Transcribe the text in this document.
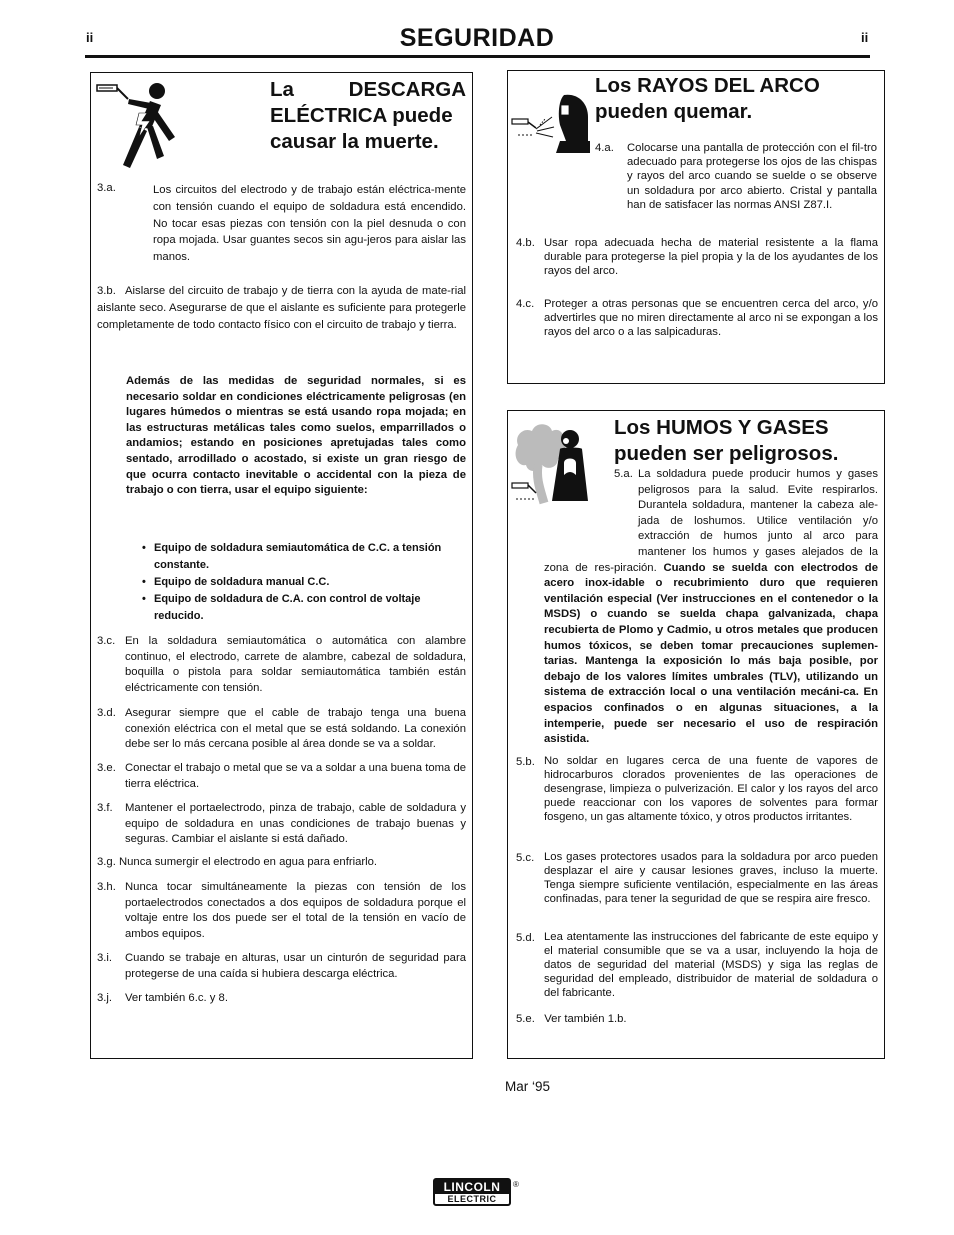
ii	ii
SEGURIDAD
La DESCARGA
ELÉCTRICA puede
causar la muerte.
3.a.	Los circuitos del electrodo y de trabajo están eléctrica-mente con tensión cuando el equipo de soldadura está encendido. No tocar esas piezas con tensión con la piel desnuda o con ropa mojada. Usar guantes secos sin agu-jeros para aislar las manos.
3.b. Aislarse del circuito de trabajo y de tierra con la ayuda de mate-rial aislante seco. Asegurarse de que el aislante es suficiente para protegerle completamente de todo contacto físico con el circuito de trabajo y tierra.
Además de las medidas de seguridad normales, si es necesario soldar en condiciones eléctricamente peligrosas (en lugares húmedos o mientras se está usando ropa mojada; en las estructuras metálicas tales como suelos, emparrillados o andamios; estando en posiciones apretujadas tales como sentado, arrodillado o acostado, si existe un gran riesgo de que ocurra contacto inevitable o accidental con la pieza de trabajo o con tierra, usar el equipo siguiente:
• Equipo de soldadura semiautomática de C.C. a tensión constante.
• Equipo de soldadura manual C.C.
• Equipo de soldadura de C.A. con control de voltaje reducido.
3.c. En la soldadura semiautomática o automática con alambre continuo, el electrodo, carrete de alambre, cabezal de soldadura, boquilla o pistola para soldar semiautomática también están eléctricamente con tensión.
3.d. Asegurar siempre que el cable de trabajo tenga una buena conexión eléctrica con el metal que se está soldando. La conexión debe ser lo más cercana posible al área donde se va a soldar.
3.e. Conectar el trabajo o metal que se va a soldar a una buena toma de tierra eléctrica.
3.f. Mantener el portaelectrodo, pinza de trabajo, cable de soldadura y equipo de soldadura en unas condiciones de trabajo buenas y seguras. Cambiar el aislante si está dañado.
3.g. Nunca sumergir el electrodo en agua para enfriarlo.
3.h. Nunca tocar simultáneamente la piezas con tensión de los portaelectrodos conectados a dos equipos de soldadura porque el voltaje entre los dos puede ser el total de la tensión en vacío de ambos equipos.
3.i. Cuando se trabaje en alturas, usar un cinturón de seguridad para protegerse de una caída si hubiera descarga eléctrica.
3.j. Ver también 6.c. y 8.
Los RAYOS DEL ARCO
pueden quemar.
4.a. Colocarse una pantalla de protección con el fil-tro adecuado para protegerse los ojos de las chispas y rayos del arco cuando se suelde o se observe un soldadura por arco abierto. Cristal y pantalla han de satisfacer las normas ANSI Z87.I.
4.b. Usar ropa adecuada hecha de material resistente a la flama durable para protegerse la piel propia y la de los ayudantes de los rayos del arco.
4.c. Proteger a otras personas que se encuentren cerca del arco, y/o advertirles que no miren directamente al arco ni se expongan a los rayos del arco o a las salpicaduras.
Los HUMOS Y GASES
pueden ser peligrosos.
5.a. La soldadura puede producir humos y gases peligrosos para la salud. Evite respirarlos. Durantela soldadura, mantener la cabeza ale-jada de loshumos. Utilice ventilación y/o extracción de humos junto al arco para mantener los humos y gases alejados de la zona de res-piración. Cuando se suelda con electrodos de acero inox-idable o recubrimiento duro que requieren ventilación especial (Ver instrucciones en el contenedor o la MSDS) o cuando se suelda chapa galvanizada, chapa recubierta de Plomo y Cadmio, u otros metales que producen humos tóxicos, se deben tomar precauciones suplemen-tarias. Mantenga la exposición lo más baja posible, por debajo de los valores límites umbrales (TLV), utilizando un sistema de extracción local o una ventilación mecáni-ca. En espacios confinados o en algunas situaciones, a la intemperie, puede ser necesario el uso de respiración asistida.
5.b. No soldar en lugares cerca de una fuente de vapores de hidrocarburos clorados provenientes de las operaciones de desengrase, limpieza o pulverización. El calor y los rayos del arco puede reaccionar con los vapores de solventes para formar fosgeno, un gas altamente tóxico, y otros productos irritantes.
5.c. Los gases protectores usados para la soldadura por arco pueden desplazar el aire y causar lesiones graves, incluso la muerte. Tenga siempre suficiente ventilación, especialmente en las áreas confinadas, para tener la seguridad de que se respira aire fresco.
5.d. Lea atentamente las instrucciones del fabricante de este equipo y el material consumible que se va a usar, incluyendo la hoja de datos de seguridad del material (MSDS) y siga las reglas de seguridad del empleado, distribuidor de material de soldadura o del fabricante.
5.e. Ver también 1.b.
Mar ‘95
LINCOLN
ELECTRIC
®
